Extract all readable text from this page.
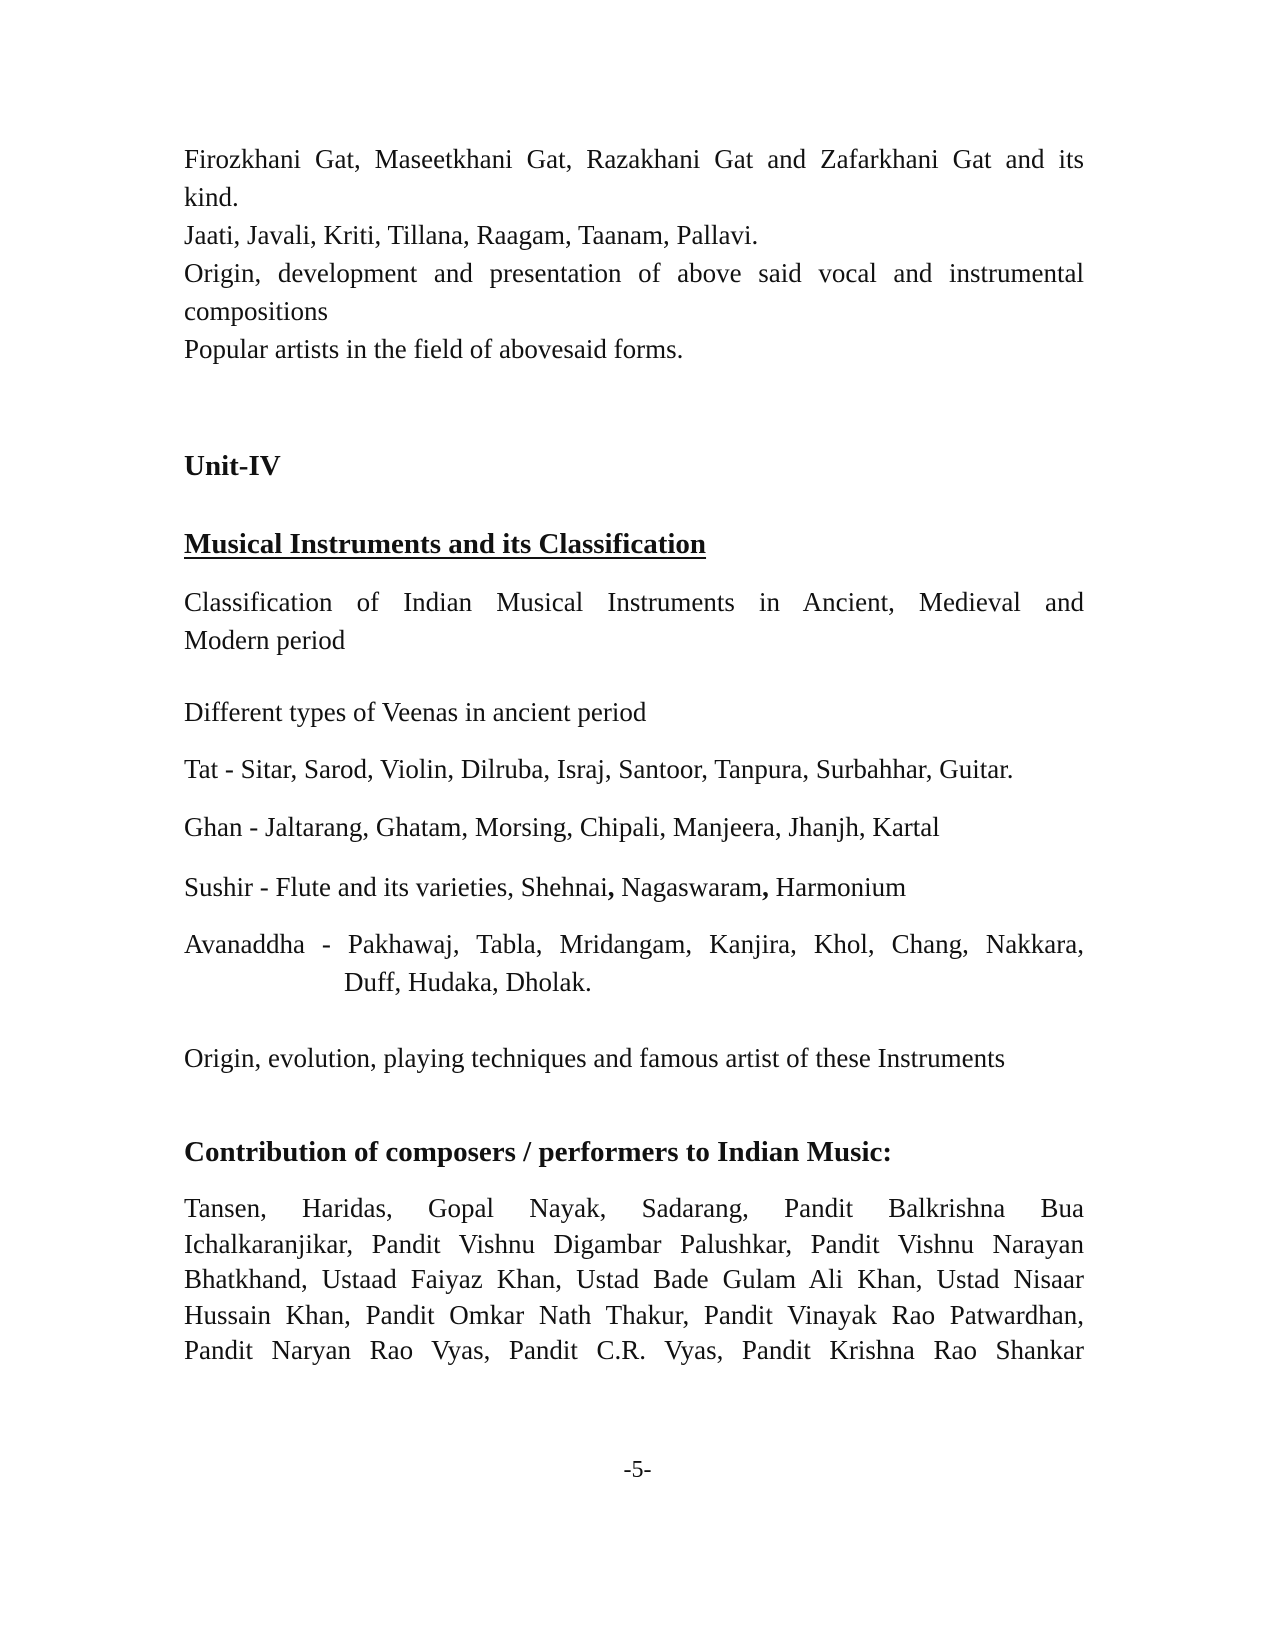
Firozkhani Gat, Maseetkhani Gat, Razakhani Gat and Zafarkhani Gat and its
kind.
Jaati, Javali, Kriti, Tillana, Raagam, Taanam, Pallavi.
Origin, development and presentation of above said vocal and instrumental
compositions
Popular artists in the field of abovesaid forms.
Unit-IV
Musical Instruments and its Classification
Classification of Indian Musical Instruments in Ancient, Medieval and
Modern period
Different types of Veenas in ancient period
Tat - Sitar, Sarod, Violin, Dilruba, Israj, Santoor, Tanpura, Surbahhar, Guitar.
Ghan - Jaltarang, Ghatam, Morsing, Chipali, Manjeera, Jhanjh, Kartal
Sushir - Flute and its varieties, Shehnai, Nagaswaram, Harmonium
Avanaddha - Pakhawaj, Tabla, Mridangam, Kanjira, Khol, Chang, Nakkara,
Duff, Hudaka, Dholak.
Origin, evolution, playing techniques and famous artist of these Instruments
Contribution of composers / performers to Indian Music:
Tansen, Haridas, Gopal Nayak, Sadarang, Pandit Balkrishna Bua
Ichalkaranjikar, Pandit Vishnu Digambar Palushkar, Pandit Vishnu Narayan
Bhatkhand, Ustaad Faiyaz Khan, Ustad Bade Gulam Ali Khan, Ustad Nisaar
Hussain Khan, Pandit Omkar Nath Thakur, Pandit Vinayak Rao Patwardhan,
Pandit Naryan Rao Vyas, Pandit C.R. Vyas, Pandit Krishna Rao Shankar
-5-
